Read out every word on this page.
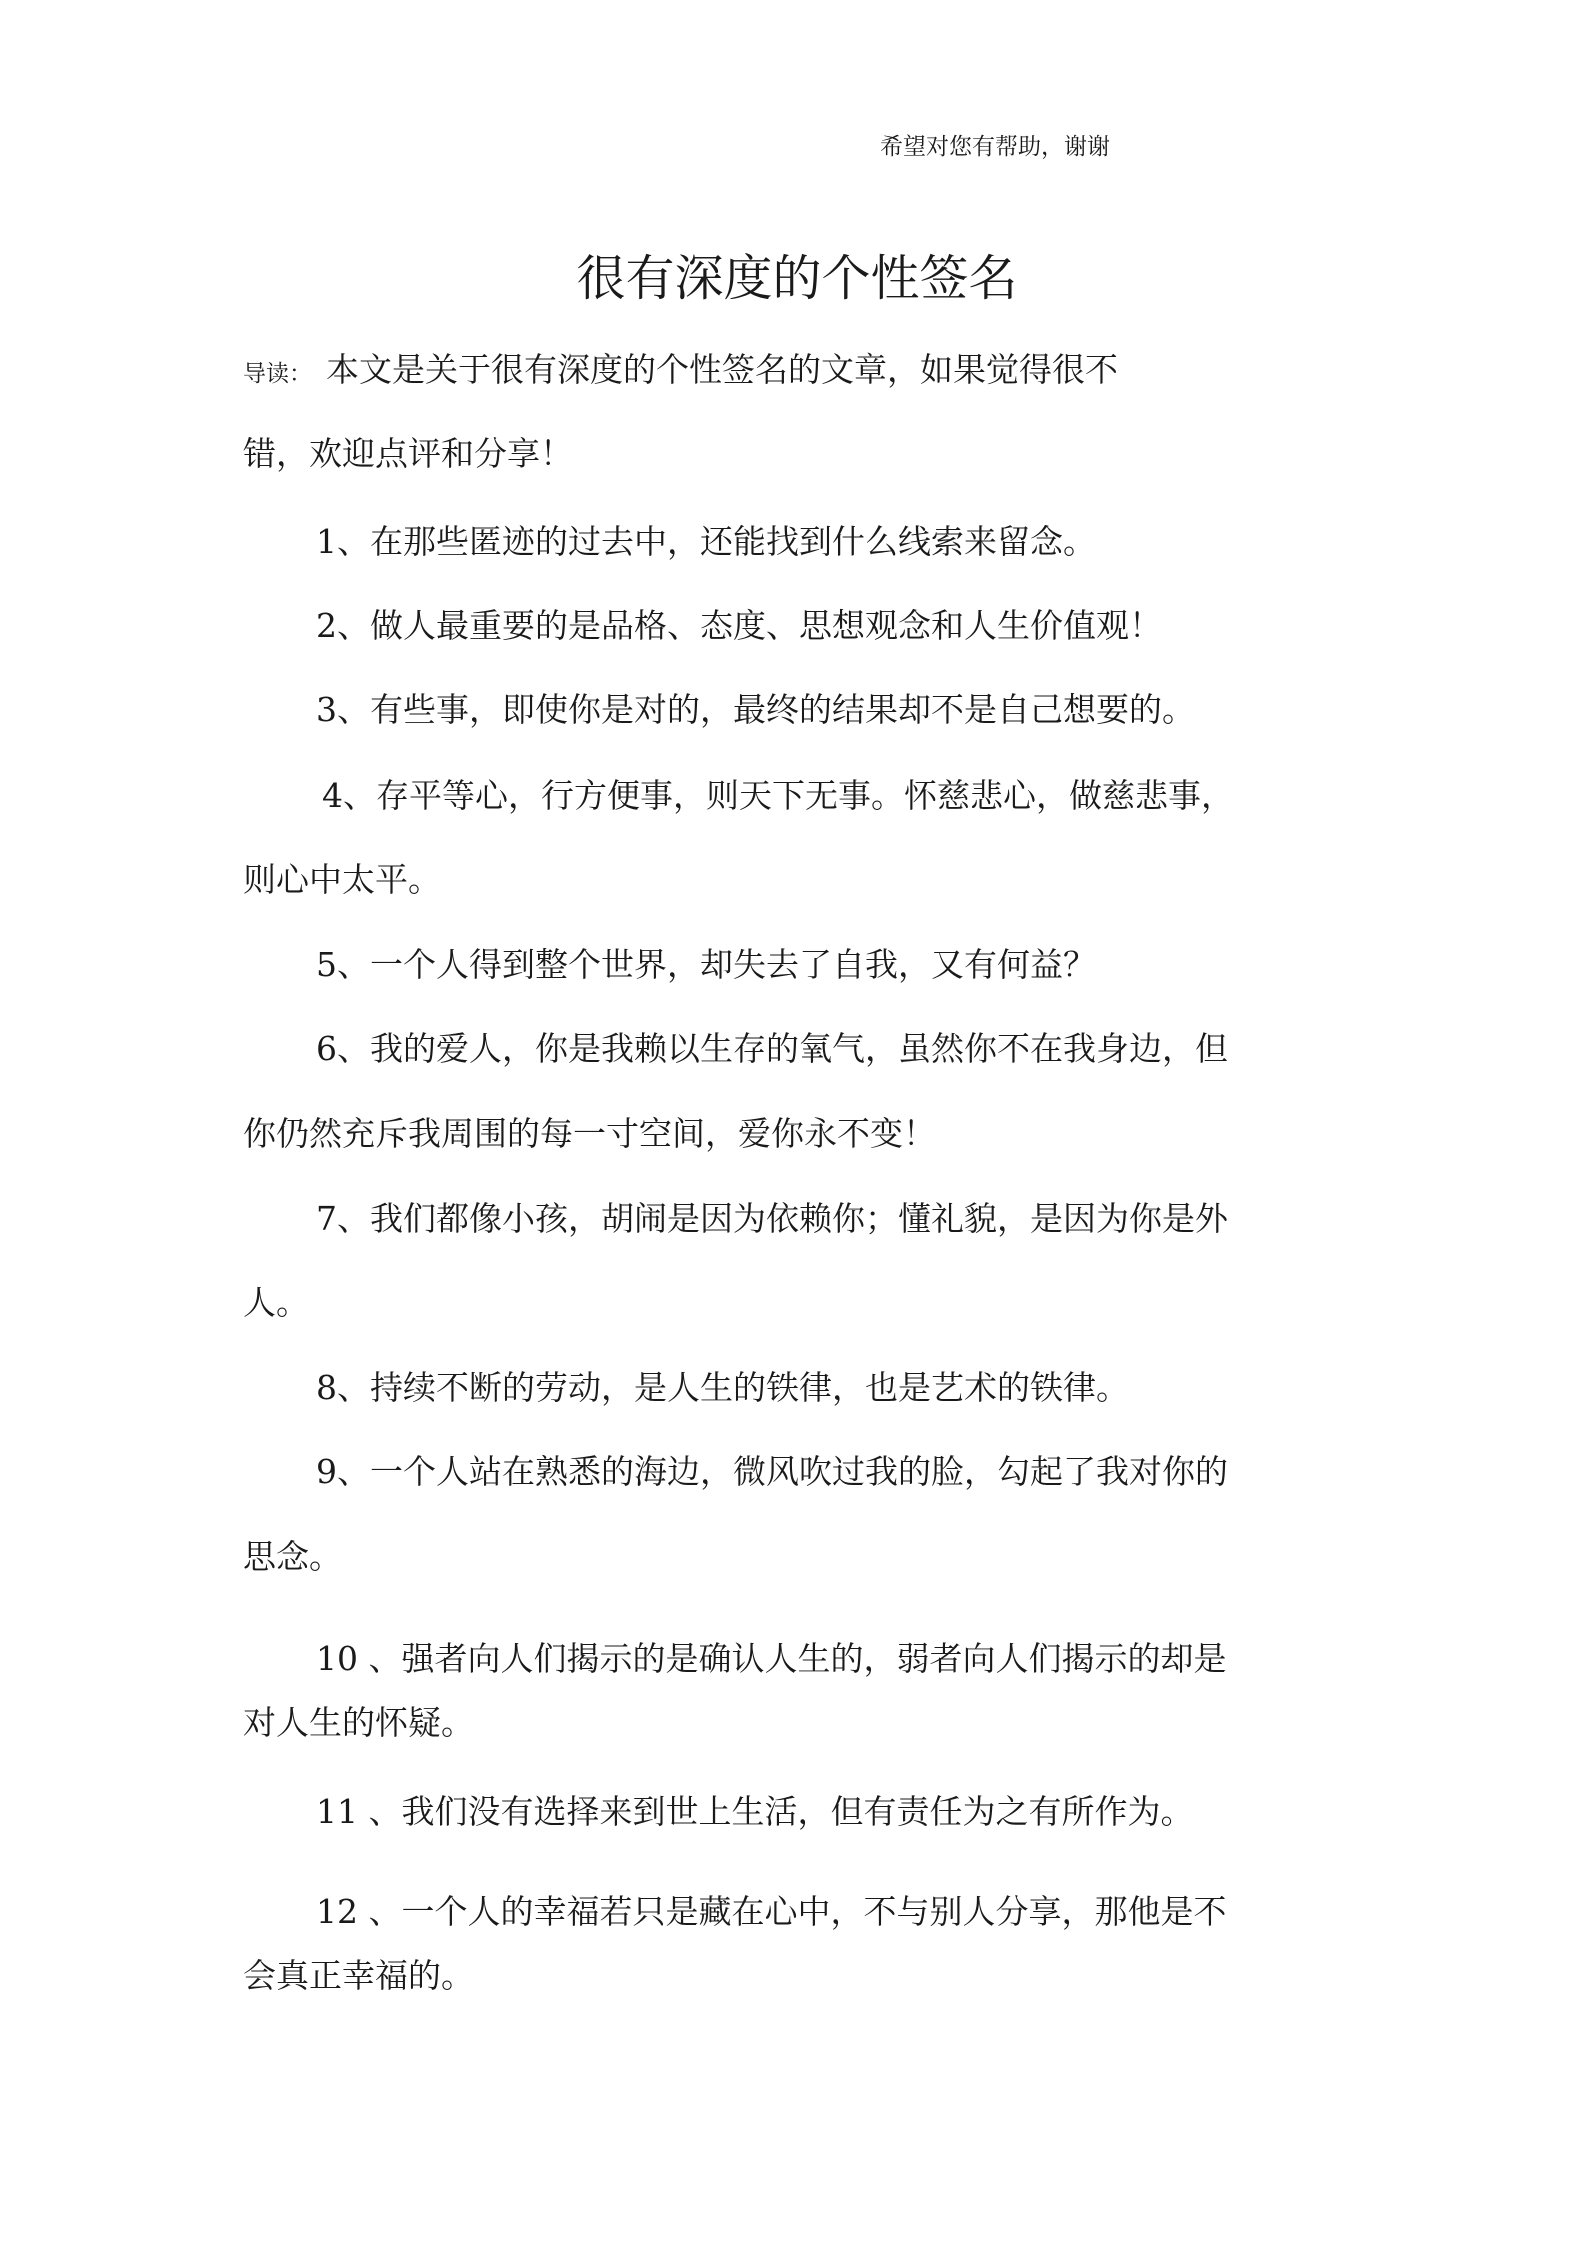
希望对您有帮助，谢谢
很有深度的个性签名
导读： 本文是关于很有深度的个性签名的文章，如果觉得很不
错，欢迎点评和分享！
1、在那些匿迹的过去中，还能找到什么线索来留念。
2、做人最重要的是品格、态度、思想观念和人生价值观！
3、有些事，即使你是对的，最终的结果却不是自己想要的。
4、存平等心，行方便事，则天下无事。怀慈悲心，做慈悲事，
则心中太平。
5、一个人得到整个世界，却失去了自我，又有何益？
6、我的爱人，你是我赖以生存的氧气，虽然你不在我身边，但
你仍然充斥我周围的每一寸空间，爱你永不变！
7、我们都像小孩，胡闹是因为依赖你；懂礼貌，是因为你是外
人。
8、持续不断的劳动，是人生的铁律，也是艺术的铁律。
9、一个人站在熟悉的海边，微风吹过我的脸，勾起了我对你的
思念。
10 、强者向人们揭示的是确认人生的，弱者向人们揭示的却是
对人生的怀疑。
11 、我们没有选择来到世上生活，但有责任为之有所作为。
12 、一个人的幸福若只是藏在心中，不与别人分享，那他是不
会真正幸福的。
